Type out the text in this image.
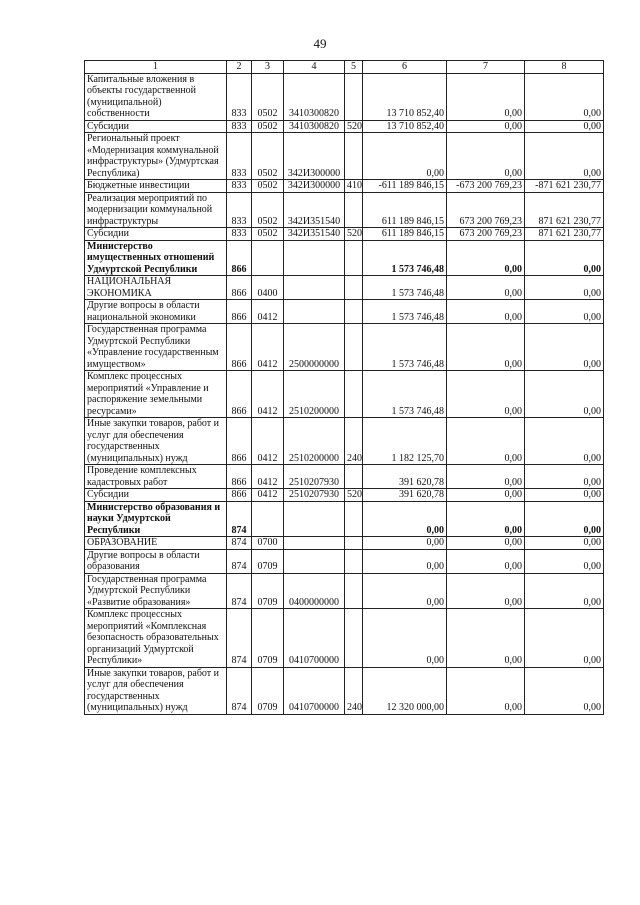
49
1	2	3	4	5	6	7	8
Капитальные вложения в объекты государственной (муниципальной) собственности	833	0502	3410300820		13 710 852,40	0,00	0,00
Субсидии	833	0502	3410300820	520	13 710 852,40	0,00	0,00
Региональный проект «Модернизация коммунальной инфраструктуры» (Удмуртская Республика)	833	0502	342И300000		0,00	0,00	0,00
Бюджетные инвестиции	833	0502	342И300000	410	-611 189 846,15	-673 200 769,23	-871 621 230,77
Реализация мероприятий по модернизации коммунальной инфраструктуры	833	0502	342И351540		611 189 846,15	673 200 769,23	871 621 230,77
Субсидии	833	0502	342И351540	520	611 189 846,15	673 200 769,23	871 621 230,77
Министерство имущественных отношений Удмуртской Республики	866				1 573 746,48	0,00	0,00
НАЦИОНАЛЬНАЯ ЭКОНОМИКА	866	0400			1 573 746,48	0,00	0,00
Другие вопросы в области национальной экономики	866	0412			1 573 746,48	0,00	0,00
Государственная программа Удмуртской Республики «Управление государственным имуществом»	866	0412	2500000000		1 573 746,48	0,00	0,00
Комплекс процессных мероприятий «Управление и распоряжение земельными ресурсами»	866	0412	2510200000		1 573 746,48	0,00	0,00
Иные закупки товаров, работ и услуг для обеспечения государственных (муниципальных) нужд	866	0412	2510200000	240	1 182 125,70	0,00	0,00
Проведение комплексных кадастровых работ	866	0412	2510207930		391 620,78	0,00	0,00
Субсидии	866	0412	2510207930	520	391 620,78	0,00	0,00
Министерство образования и науки Удмуртской Республики	874				0,00	0,00	0,00
ОБРАЗОВАНИЕ	874	0700			0,00	0,00	0,00
Другие вопросы в области образования	874	0709			0,00	0,00	0,00
Государственная программа Удмуртской Республики «Развитие образования»	874	0709	0400000000		0,00	0,00	0,00
Комплекс процессных мероприятий «Комплексная безопасность образовательных организаций Удмуртской Республики»	874	0709	0410700000		0,00	0,00	0,00
Иные закупки товаров, работ и услуг для обеспечения государственных (муниципальных) нужд	874	0709	0410700000	240	12 320 000,00	0,00	0,00
